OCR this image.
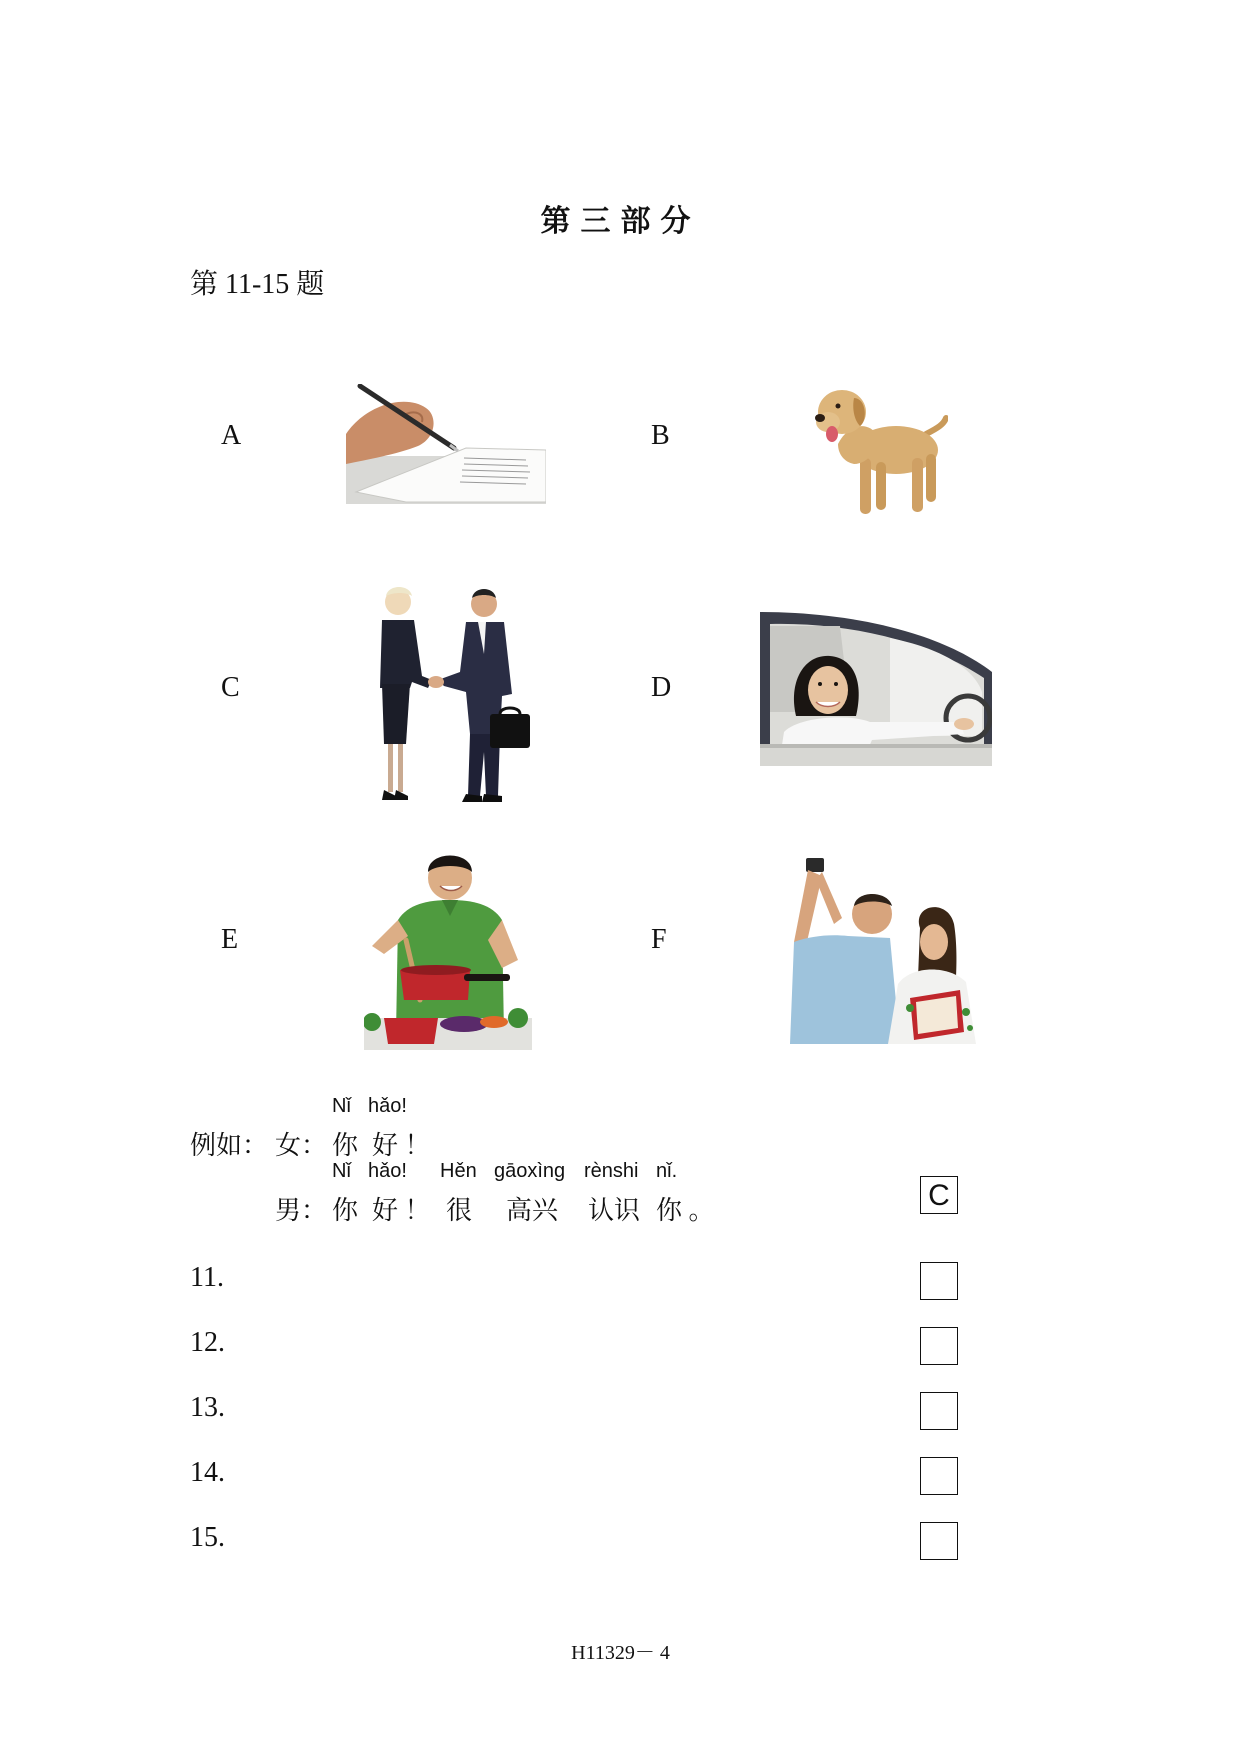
第三部分
第 11-15 题
A	B
C	D
E	F
例如： 女：
Nǐ
你
hǎo!
好 ！
男：
Nǐ
你
hǎo!
好 ！
Hěn
很
gāoxìng
高兴
rènshi
认识
nǐ.
你 。	C
11.
12.
13.
14.
15.
H11329－ 4
